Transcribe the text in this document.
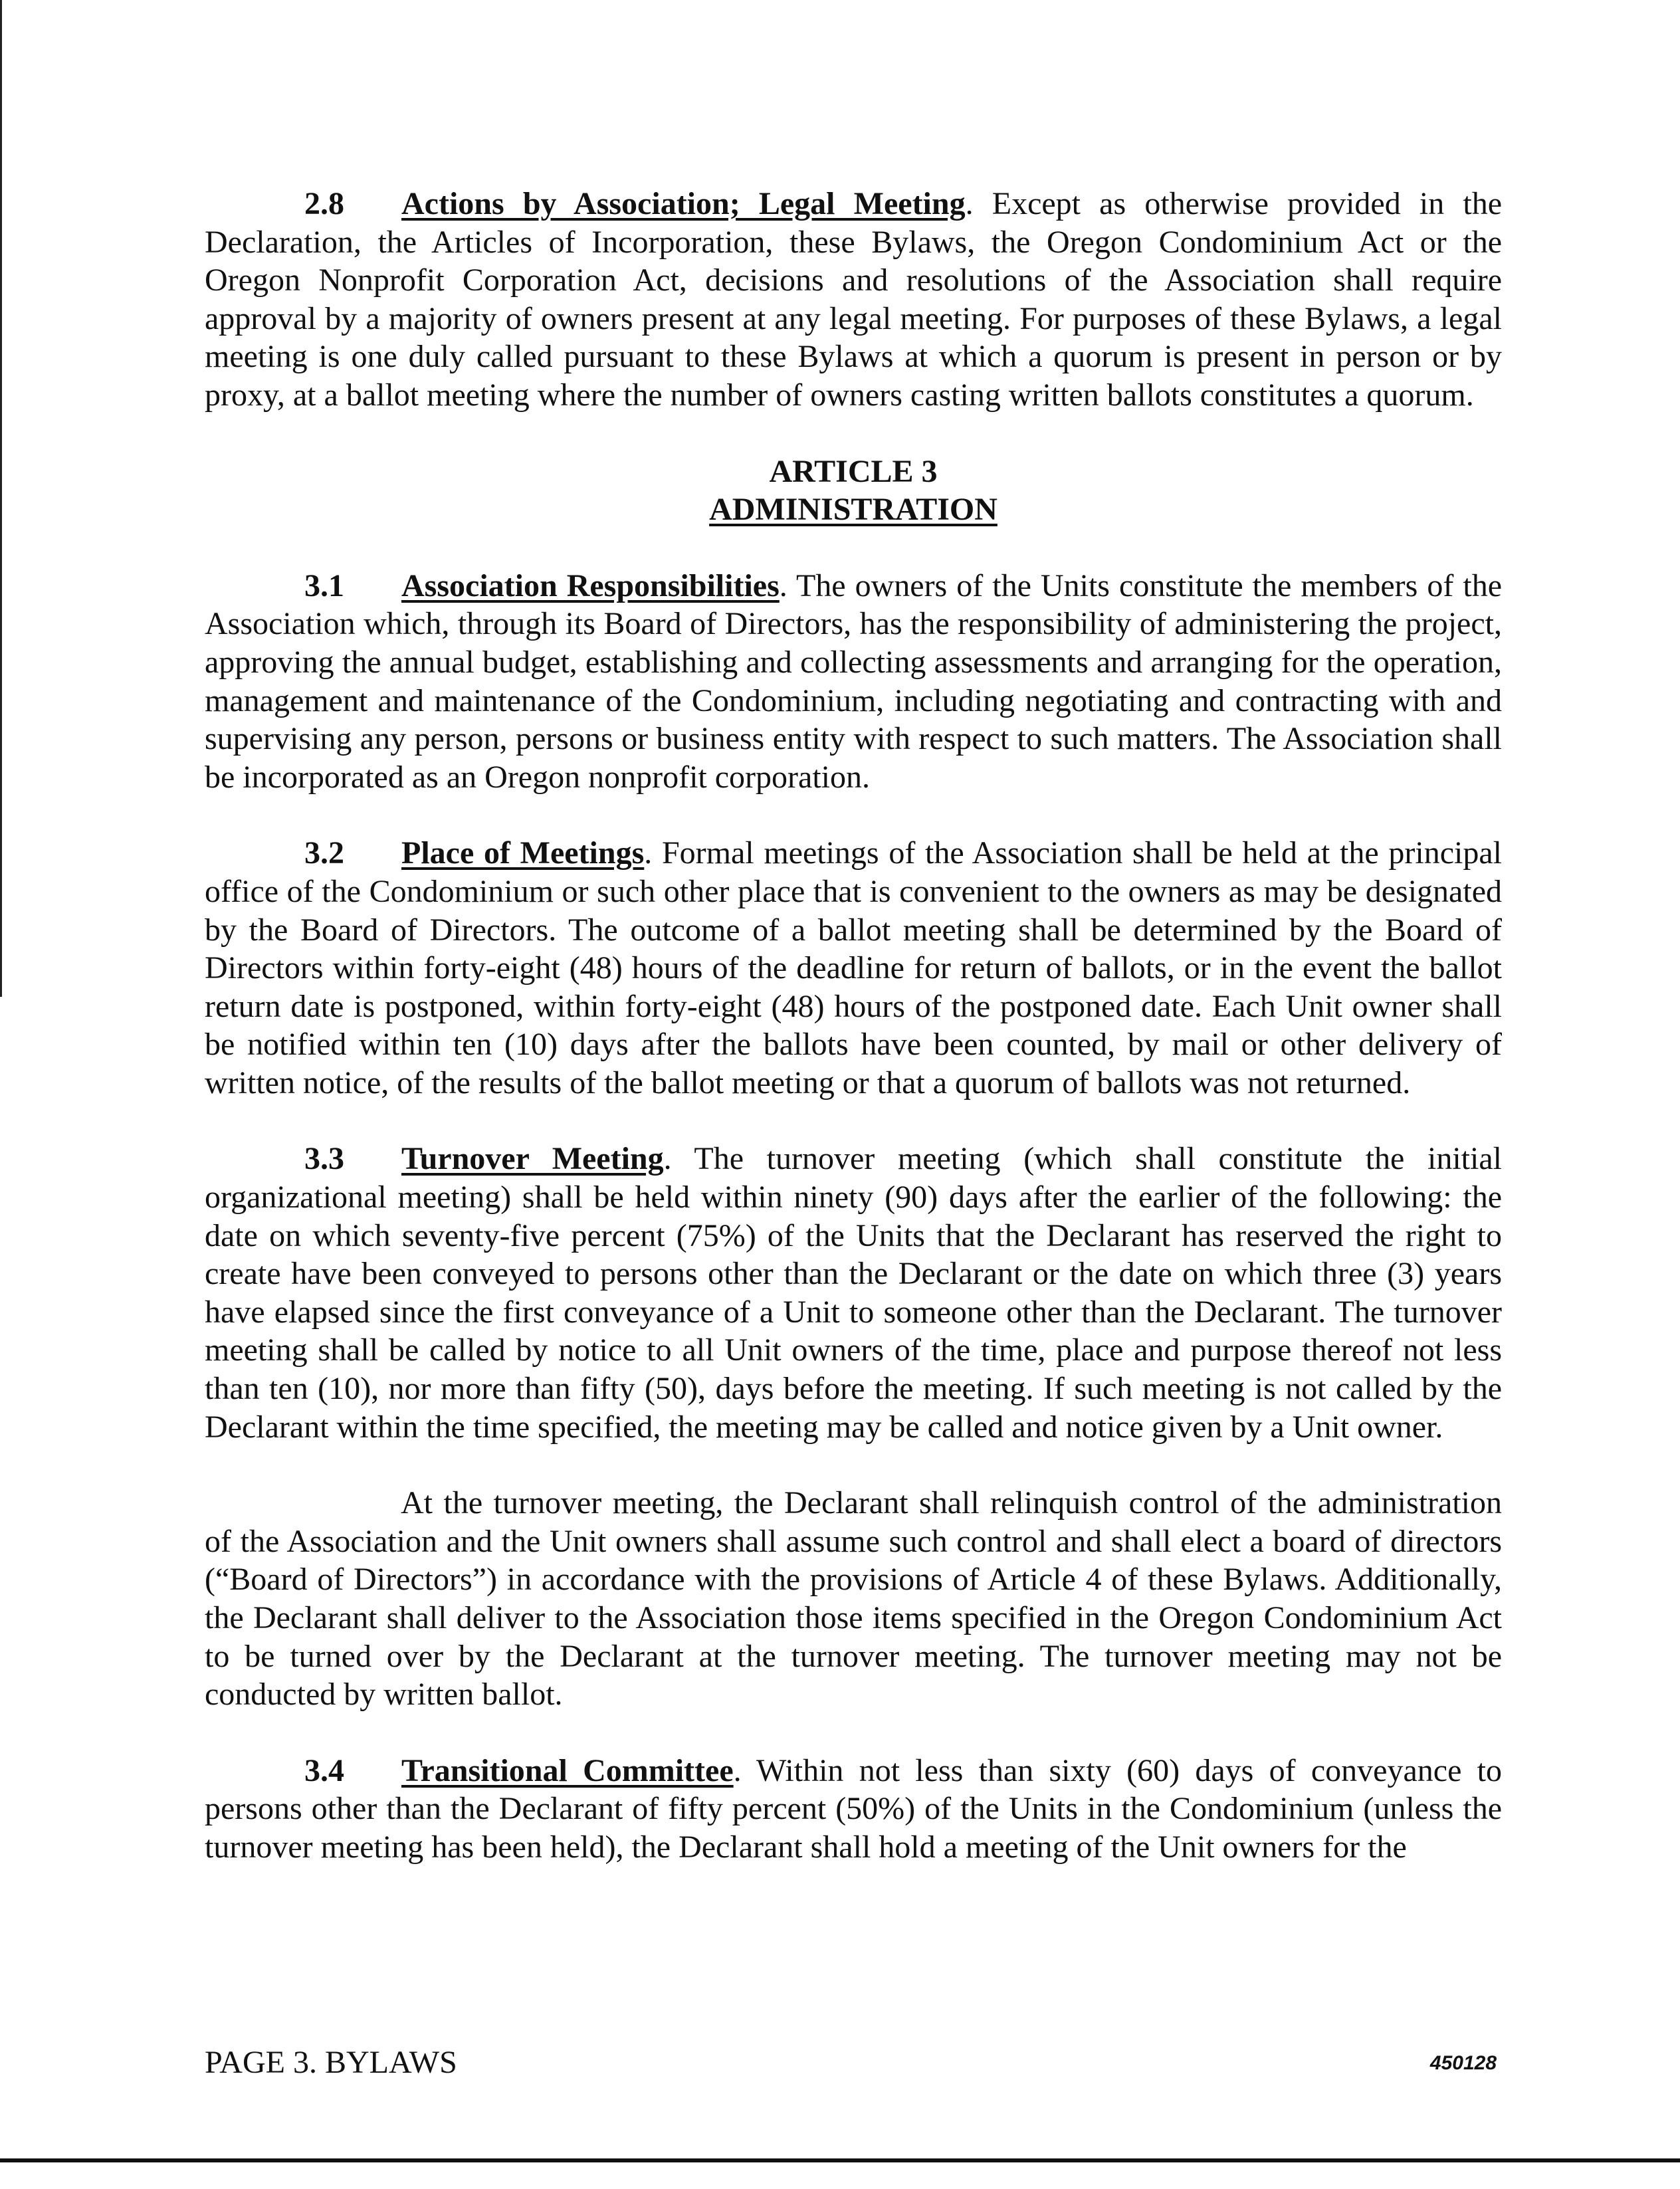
2.8 Actions by Association; Legal Meeting. Except as otherwise provided in the Declaration, the Articles of Incorporation, these Bylaws, the Oregon Condominium Act or the Oregon Nonprofit Corporation Act, decisions and resolutions of the Association shall require approval by a majority of owners present at any legal meeting. For purposes of these Bylaws, a legal meeting is one duly called pursuant to these Bylaws at which a quorum is present in person or by proxy, at a ballot meeting where the number of owners casting written ballots constitutes a quorum.

ARTICLE 3
ADMINISTRATION

3.1 Association Responsibilities. The owners of the Units constitute the members of the Association which, through its Board of Directors, has the responsibility of administering the project, approving the annual budget, establishing and collecting assessments and arranging for the operation, management and maintenance of the Condominium, including negotiating and contracting with and supervising any person, persons or business entity with respect to such matters. The Association shall be incorporated as an Oregon nonprofit corporation.

3.2 Place of Meetings. Formal meetings of the Association shall be held at the principal office of the Condominium or such other place that is convenient to the owners as may be designated by the Board of Directors. The outcome of a ballot meeting shall be determined by the Board of Directors within forty-eight (48) hours of the deadline for return of ballots, or in the event the ballot return date is postponed, within forty-eight (48) hours of the postponed date. Each Unit owner shall be notified within ten (10) days after the ballots have been counted, by mail or other delivery of written notice, of the results of the ballot meeting or that a quorum of ballots was not returned.

3.3 Turnover Meeting. The turnover meeting (which shall constitute the initial organizational meeting) shall be held within ninety (90) days after the earlier of the following: the date on which seventy-five percent (75%) of the Units that the Declarant has reserved the right to create have been conveyed to persons other than the Declarant or the date on which three (3) years have elapsed since the first conveyance of a Unit to someone other than the Declarant. The turnover meeting shall be called by notice to all Unit owners of the time, place and purpose thereof not less than ten (10), nor more than fifty (50), days before the meeting. If such meeting is not called by the Declarant within the time specified, the meeting may be called and notice given by a Unit owner.

At the turnover meeting, the Declarant shall relinquish control of the administration of the Association and the Unit owners shall assume such control and shall elect a board of directors (“Board of Directors”) in accordance with the provisions of Article 4 of these Bylaws. Additionally, the Declarant shall deliver to the Association those items specified in the Oregon Condominium Act to be turned over by the Declarant at the turnover meeting. The turnover meeting may not be conducted by written ballot.

3.4 Transitional Committee. Within not less than sixty (60) days of conveyance to persons other than the Declarant of fifty percent (50%) of the Units in the Condominium (unless the turnover meeting has been held), the Declarant shall hold a meeting of the Unit owners for the

PAGE 3. BYLAWS	450128
